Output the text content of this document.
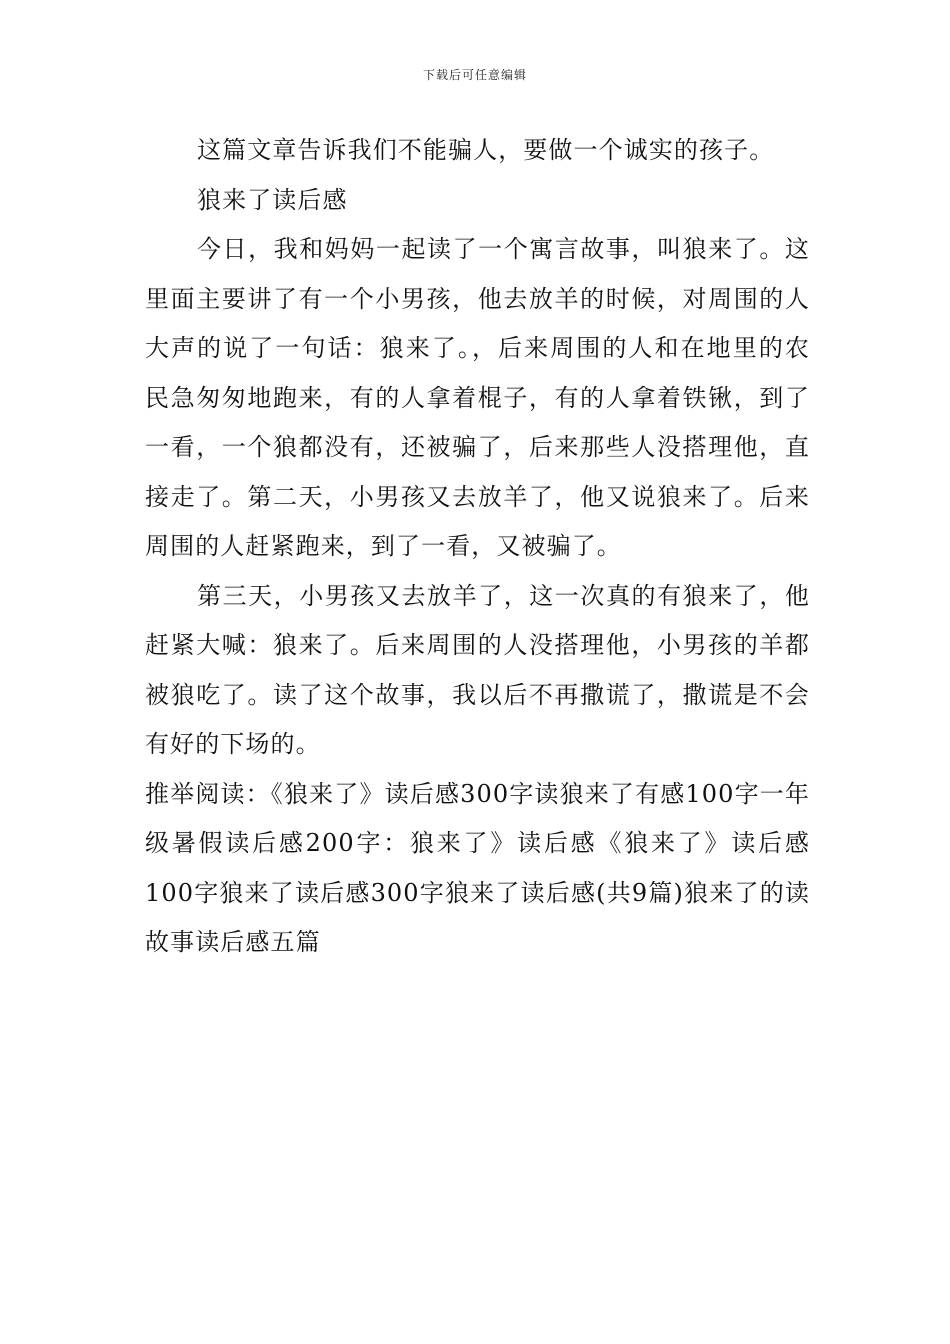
下载后可任意编辑

这篇文章告诉我们不能骗人，要做一个诚实的孩子。

狼来了读后感

今日，我和妈妈一起读了一个寓言故事，叫狼来了。这里面主要讲了有一个小男孩，他去放羊的时候，对周围的人大声的说了一句话：狼来了。，后来周围的人和在地里的农民急匆匆地跑来，有的人拿着棍子，有的人拿着铁锹，到了一看，一个狼都没有，还被骗了，后来那些人没搭理他，直接走了。第二天，小男孩又去放羊了，他又说狼来了。后来周围的人赶紧跑来，到了一看，又被骗了。

第三天，小男孩又去放羊了，这一次真的有狼来了，他赶紧大喊：狼来了。后来周围的人没搭理他，小男孩的羊都被狼吃了。读了这个故事，我以后不再撒谎了，撒谎是不会有好的下场的。

推举阅读：《狼来了》读后感300字读狼来了有感100字一年级暑假读后感200字：狼来了》读后感《狼来了》读后感100字狼来了读后感300字狼来了读后感(共9篇)狼来了的读故事读后感五篇
